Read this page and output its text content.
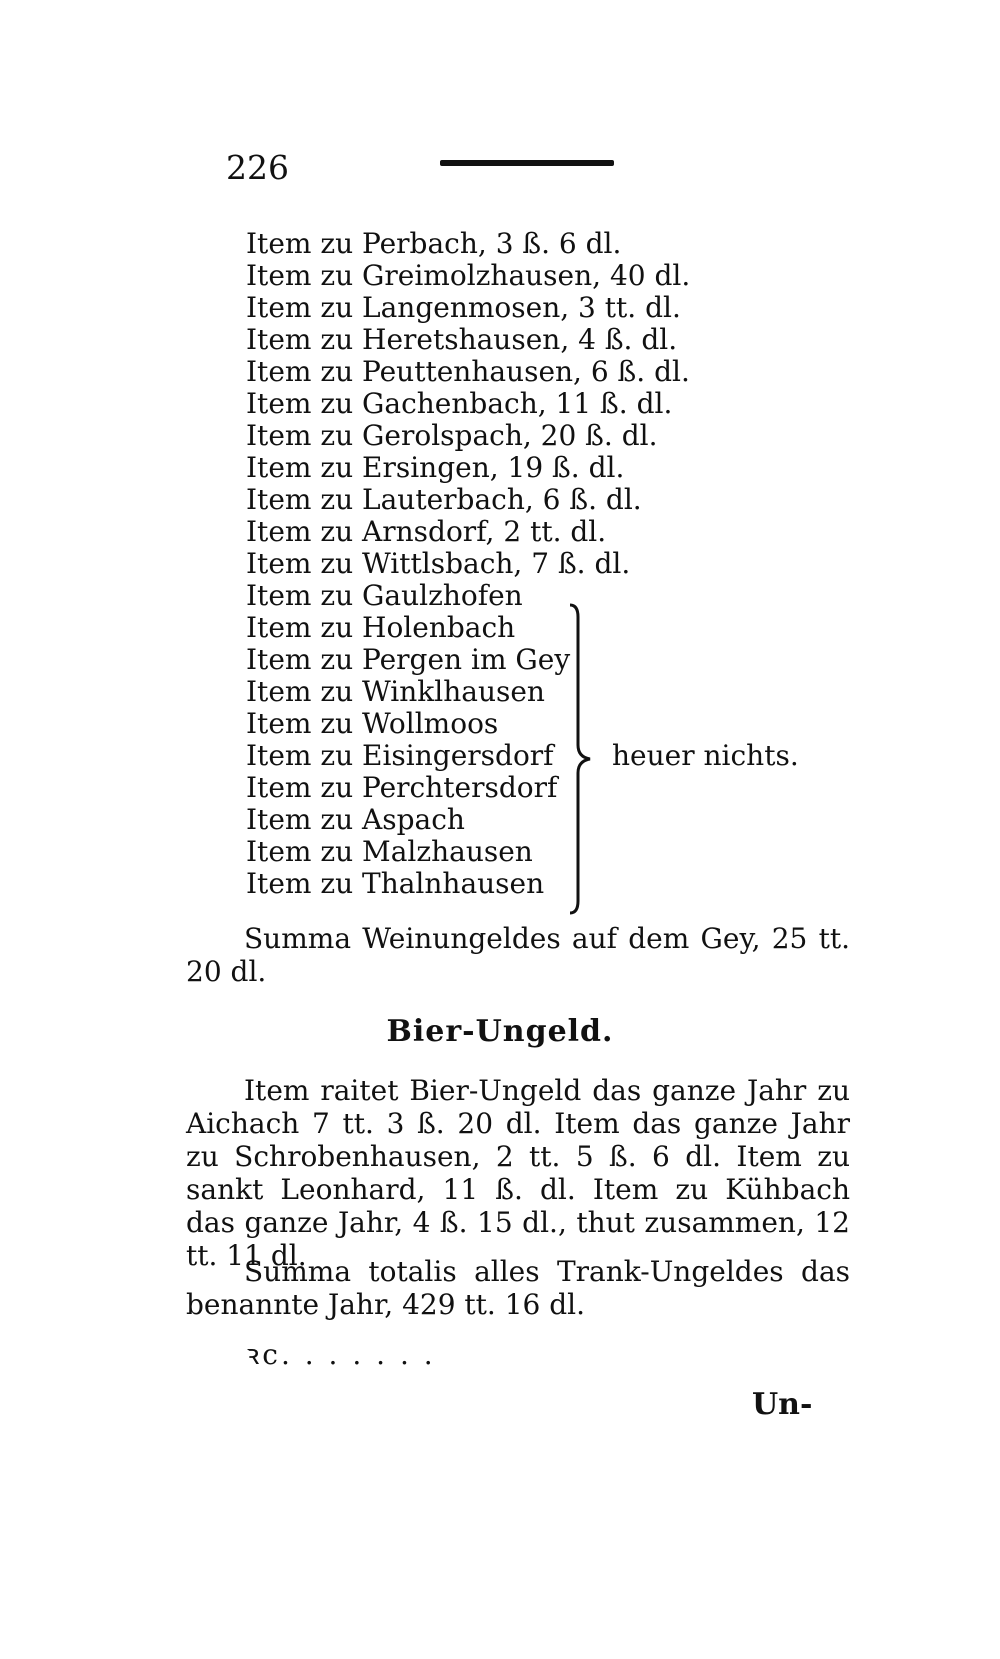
226
Item zu Perbach, 3 ß. 6 dl.
Item zu Greimolzhausen, 40 dl.
Item zu Langenmosen, 3 tt. dl.
Item zu Heretshausen, 4 ß. dl.
Item zu Peuttenhausen, 6 ß. dl.
Item zu Gachenbach, 11 ß. dl.
Item zu Gerolspach, 20 ß. dl.
Item zu Ersingen, 19 ß. dl.
Item zu Lauterbach, 6 ß. dl.
Item zu Arnsdorf, 2 tt. dl.
Item zu Wittlsbach, 7 ß. dl.
Item zu Gaulzhofen
Item zu Holenbach
Item zu Pergen im Gey
Item zu Winklhausen
Item zu Wollmoos
Item zu Eisingersdorf
Item zu Perchtersdorf
Item zu Aspach
Item zu Malzhausen
Item zu Thalnhausen
heuer nichts.

Summa Weinungeldes auf dem Gey, 25 tt. 20 dl.

Bier-Ungeld.

Item raitet Bier-Ungeld das ganze Jahr zu Aichach 7 tt. 3 ß. 20 dl. Item das ganze Jahr zu Schrobenhausen, 2 tt. 5 ß. 6 dl. Item zu sankt Leonhard, 11 ß. dl. Item zu Kühbach das ganze Jahr, 4 ß. 15 dl., thut zusammen, 12 tt. 11 dl.

Summa totalis alles Trank-Ungeldes das benannte Jahr, 429 tt. 16 dl.

ꝛc. . . . . . .
Un-
